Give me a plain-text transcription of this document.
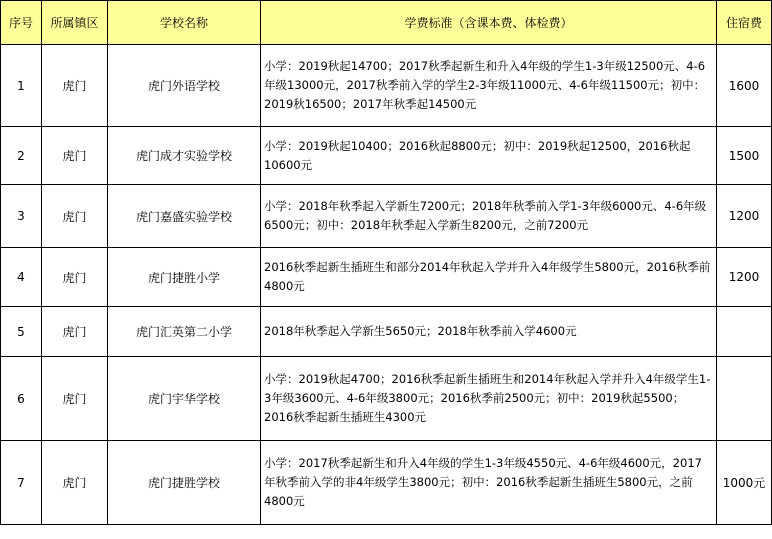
序号	所属镇区	学校名称	学费标准（含课本费、体检费）	住宿费
1	虎门	虎门外语学校	小学：2019秋起14700；2017秋季起新生和升入4年级的学生1-3年级12500元、4-6年级13000元，2017秋季前入学的学生2-3年级11000元、4-6年级11500元；初中：2019秋16500；2017年秋季起14500元	1600
2	虎门	虎门成才实验学校	小学：2019秋起10400；2016秋起8800元；初中：2019秋起12500，2016秋起10600元	1500
3	虎门	虎门嘉盛实验学校	小学：2018年秋季起入学新生7200元；2018年秋季前入学1-3年级6000元、4-6年级6500元；初中：2018年秋季起入学新生8200元，之前7200元	1200
4	虎门	虎门捷胜小学	2016秋季起新生插班生和部分2014年秋起入学并升入4年级学生5800元，2016秋季前4800元	1200
5	虎门	虎门汇英第二小学	2018年秋季起入学新生5650元；2018年秋季前入学4600元	
6	虎门	虎门宇华学校	小学：2019秋起4700；2016秋季起新生插班生和2014年秋起入学并升入4年级学生1-3年级3600元、4-6年级3800元；2016秋季前2500元；初中：2019秋起5500；2016秋季起新生插班生4300元	
7	虎门	虎门捷胜学校	小学：2017秋季起新生和升入4年级的学生1-3年级4550元、4-6年级4600元，2017年秋季前入学的非4年级学生3800元；初中：2016秋季起新生插班生5800元，之前4800元	1000元
